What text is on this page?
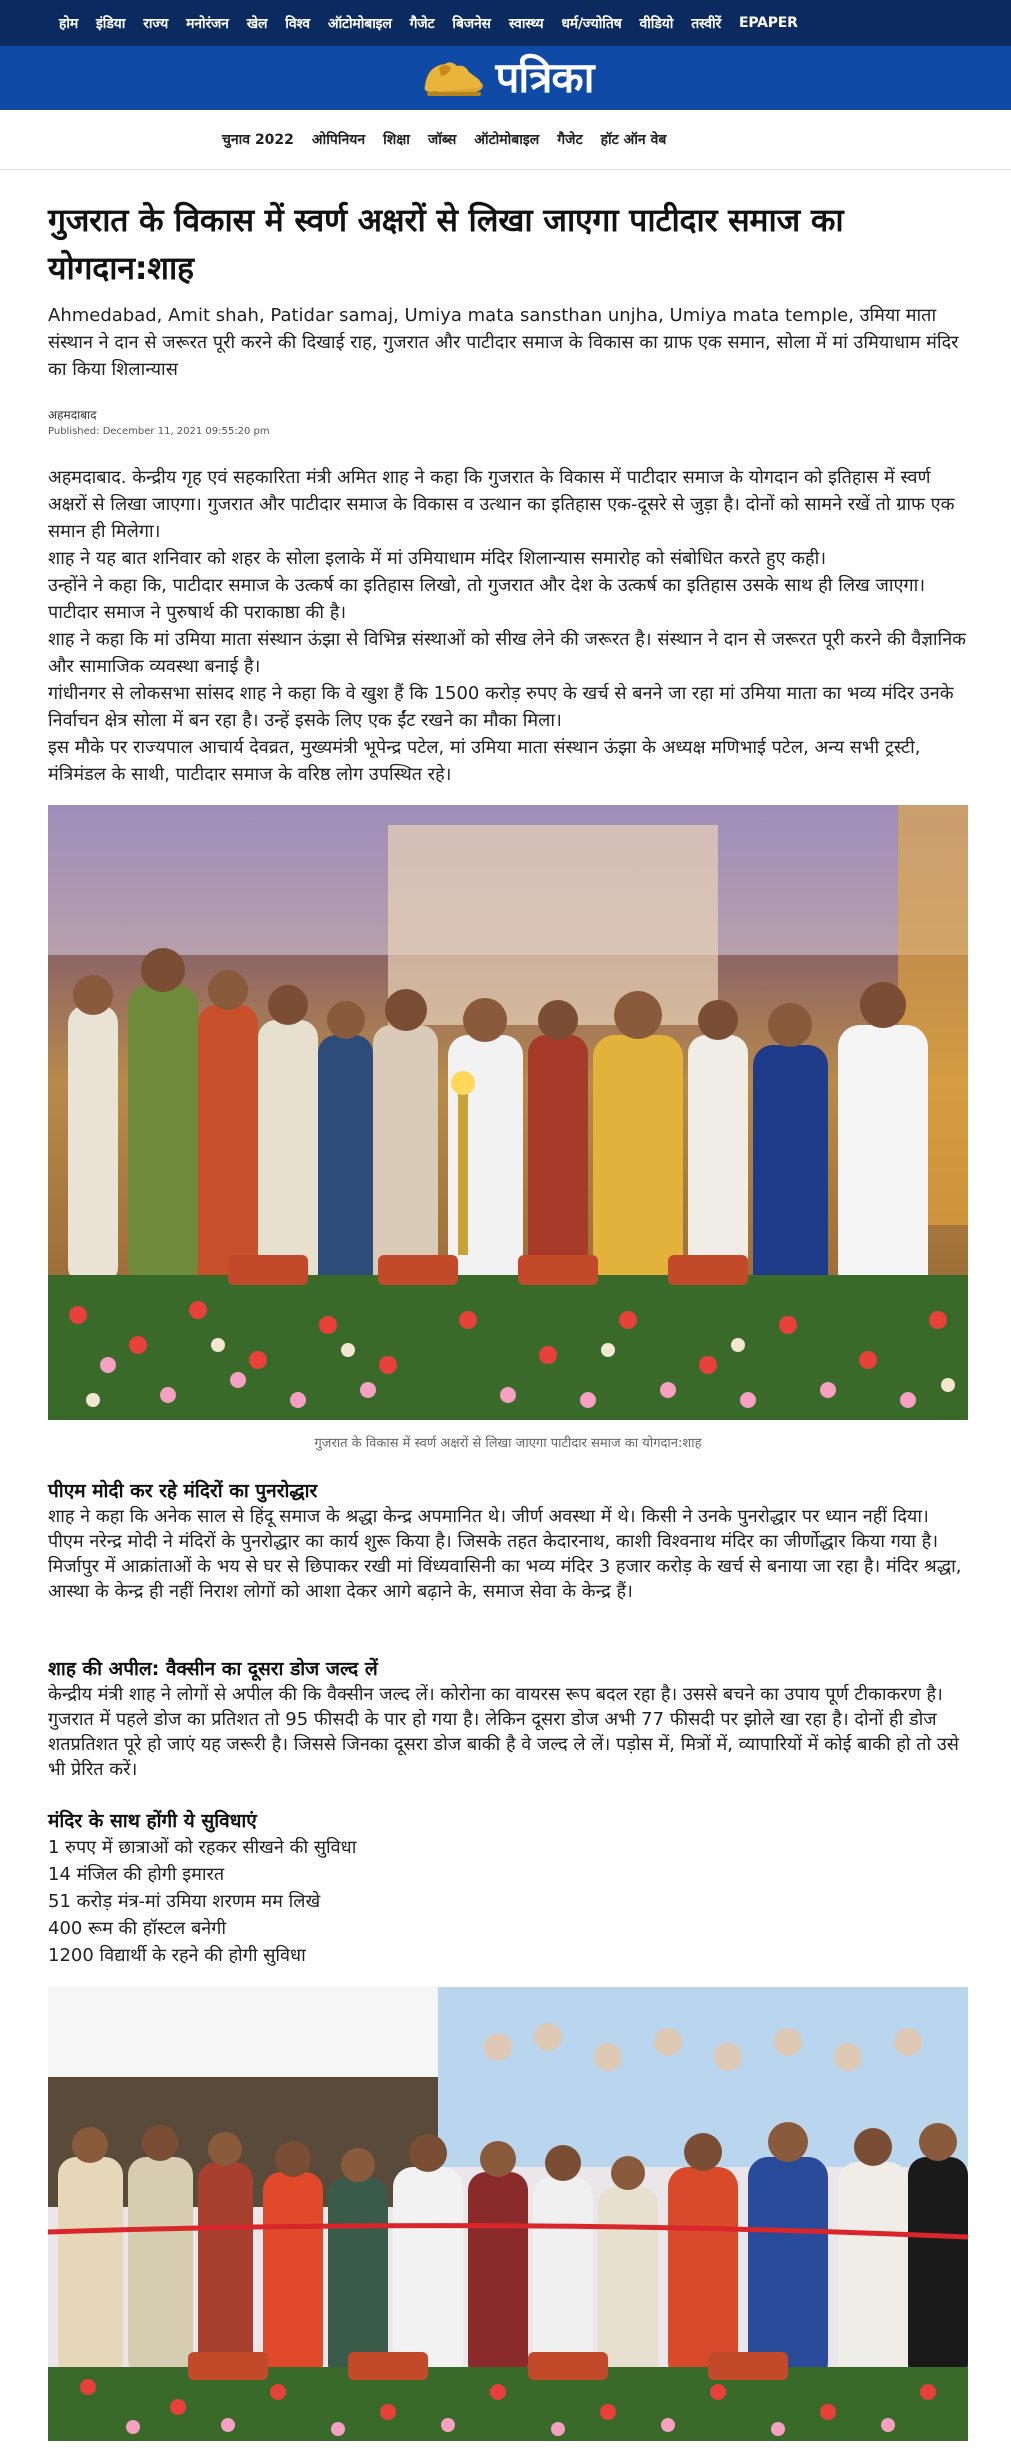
होम	इंडिया	राज्य	मनोरंजन	खेल	विश्व	ऑटोमोबाइल	गैजेट	बिजनेस	स्वास्थ्य	धर्म/ज्योतिष	वीडियो	तस्वीरें	EPAPER
पत्रिका
चुनाव 2022	ओपिनियन	शिक्षा	जॉब्स	ऑटोमोबाइल	गैजेट	हॉट ऑन वेब
गुजरात के विकास में स्वर्ण अक्षरों से लिखा जाएगा पाटीदार समाज का योगदान:शाह

Ahmedabad, Amit shah, Patidar samaj, Umiya mata sansthan unjha, Umiya mata temple, उमिया माता संस्थान ने दान से जरूरत पूरी करने की दिखाई राह, गुजरात और पाटीदार समाज के विकास का ग्राफ एक समान, सोला में मां उमियाधाम मंदिर का किया शिलान्यास

अहमदाबाद
Published: December 11, 2021 09:55:20 pm

अहमदाबाद. केन्द्रीय गृह एवं सहकारिता मंत्री अमित शाह ने कहा कि गुजरात के विकास में पाटीदार समाज के योगदान को इतिहास में स्वर्ण अक्षरों से लिखा जाएगा। गुजरात और पाटीदार समाज के विकास व उत्थान का इतिहास एक-दूसरे से जुड़ा है। दोनों को सामने रखें तो ग्राफ एक समान ही मिलेगा।

शाह ने यह बात शनिवार को शहर के सोला इलाके में मां उमियाधाम मंदिर शिलान्यास समारोह को संबोधित करते हुए कही।

उन्होंने ने कहा कि, पाटीदार समाज के उत्कर्ष का इतिहास लिखो, तो गुजरात और देश के उत्कर्ष का इतिहास उसके साथ ही लिख जाएगा। पाटीदार समाज ने पुरुषार्थ की पराकाष्ठा की है।

शाह ने कहा कि मां उमिया माता संस्थान ऊंझा से विभिन्न संस्थाओं को सीख लेने की जरूरत है। संस्थान ने दान से जरूरत पूरी करने की वैज्ञानिक और सामाजिक व्यवस्था बनाई है।

गांधीनगर से लोकसभा सांसद शाह ने कहा कि वे खुश हैं कि 1500 करोड़ रुपए के खर्च से बनने जा रहा मां उमिया माता का भव्य मंदिर उनके निर्वाचन क्षेत्र सोला में बन रहा है। उन्हें इसके लिए एक ईंट रखने का मौका मिला।

इस मौके पर राज्यपाल आचार्य देवव्रत, मुख्यमंत्री भूपेन्द्र पटेल, मां उमिया माता संस्थान ऊंझा के अध्यक्ष मणिभाई पटेल, अन्य सभी ट्रस्टी, मंत्रिमंडल के साथी, पाटीदार समाज के वरिष्ठ लोग उपस्थित रहे।

गुजरात के विकास में स्वर्ण अक्षरों से लिखा जाएगा पाटीदार समाज का योगदान:शाह
पीएम मोदी कर रहे मंदिरों का पुनरोद्धार

शाह ने कहा कि अनेक साल से हिंदू समाज के श्रद्धा केन्द्र अपमानित थे। जीर्ण अवस्था में थे। किसी ने उनके पुनरोद्धार पर ध्यान नहीं दिया। पीएम नरेन्द्र मोदी ने मंदिरों के पुनरोद्धार का कार्य शुरू किया है। जिसके तहत केदारनाथ, काशी विश्वनाथ मंदिर का जीर्णोद्धार किया गया है। मिर्जापुर में आक्रांताओं के भय से घर से छिपाकर रखी मां विंध्यवासिनी का भव्य मंदिर 3 हजार करोड़ के खर्च से बनाया जा रहा है। मंदिर श्रद्धा, आस्था के केन्द्र ही नहीं निराश लोगों को आशा देकर आगे बढ़ाने के, समाज सेवा के केन्द्र हैं।

शाह की अपील: वैक्सीन का दूसरा डोज जल्द लें

केन्द्रीय मंत्री शाह ने लोगों से अपील की कि वैक्सीन जल्द लें। कोरोना का वायरस रूप बदल रहा है। उससे बचने का उपाय पूर्ण टीकाकरण है। गुजरात में पहले डोज का प्रतिशत तो 95 फीसदी के पार हो गया है। लेकिन दूसरा डोज अभी 77 फीसदी पर झोले खा रहा है। दोनों ही डोज शतप्रतिशत पूरे हो जाएं यह जरूरी है। जिससे जिनका दूसरा डोज बाकी है वे जल्द ले लें। पड़ोस में, मित्रों में, व्यापारियों में कोई बाकी हो तो उसे भी प्रेरित करें।

मंदिर के साथ होंगी ये सुविधाएं
1 रुपए में छात्राओं को रहकर सीखने की सुविधा
14 मंजिल की होगी इमारत
51 करोड़ मंत्र-मां उमिया शरणम मम लिखे
400 रूम की हॉस्टल बनेगी
1200 विद्यार्थी के रहने की होगी सुविधा
